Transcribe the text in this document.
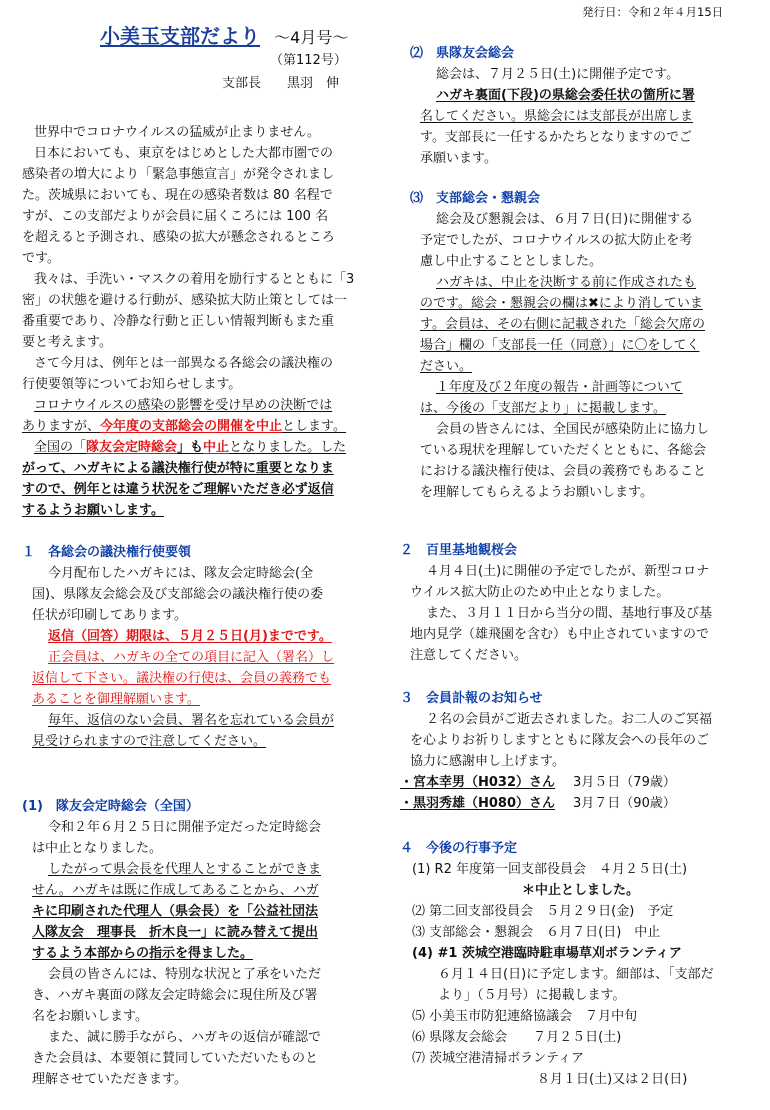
発行日：令和２年４月15日
小美玉支部だより ～4月号～
（第112号）
支部長　　黒羽　伸
世界中でコロナウイルスの猛威が止まりません。
日本においても、東京をはじめとした大都市圏での
感染者の増大により「緊急事態宣言」が発令されまし
た。茨城県においても、現在の感染者数は 80 名程で
すが、この支部だよりが会員に届くころには 100 名
を超えると予測され、感染の拡大が懸念されるところ
です。
我々は、手洗い・マスクの着用を励行するとともに「3
密」の状態を避ける行動が、感染拡大防止策としては一
番重要であり、冷静な行動と正しい情報判断もまた重
要と考えます。
さて今月は、例年とは一部異なる各総会の議決権の
行使要領等についてお知らせします。
コロナウイルスの感染の影響を受け早めの決断では
ありますが、今年度の支部総会の開催を中止とします。
全国の「隊友会定時総会」も中止となりました。した
がって、ハガキによる議決権行使が特に重要となりま
すので、例年とは違う状況をご理解いただき必ず返信
するようお願いします。
１　各総会の議決権行使要領
今月配布したハガキには、隊友会定時総会(全
国)、県隊友会総会及び支部総会の議決権行使の委
任状が印刷してあります。
返信（回答）期限は、５月２５日(月)までです。
正会員は、ハガキの全ての項目に記入（署名）し
返信して下さい。議決権の行使は、会員の義務でも
あることを御理解願います。
毎年、返信のない会員、署名を忘れている会員が
見受けられますので注意してください。
(1)　隊友会定時総会（全国）
令和２年６月２５日に開催予定だった定時総会
は中止となりました。
したがって県会長を代理人とすることができま
せん。ハガキは既に作成してあることから、ハガ
キに印刷された代理人（県会長）を「公益社団法
人隊友会　理事長　折木良一」に読み替えて提出
するよう本部からの指示を得ました。
会員の皆さんには、特別な状況と了承をいただ
き、ハガキ裏面の隊友会定時総会に現住所及び署
名をお願いします。
また、誠に勝手ながら、ハガキの返信が確認で
きた会員は、本要領に賛同していただいたものと
理解させていただきます。
⑵　県隊友会総会
総会は、７月２５日(土)に開催予定です。
ハガキ裏面(下段)の県総会委任状の箇所に署
名してください。県総会には支部長が出席しま
す。支部長に一任するかたちとなりますのでご
承願います。
⑶　支部総会・懇親会
総会及び懇親会は、６月７日(日)に開催する
予定でしたが、コロナウイルスの拡大防止を考
慮し中止することとしました。
ハガキは、中止を決断する前に作成されたも
のです。総会・懇親会の欄は✖により消していま
す。会員は、その右側に記載された「総会欠席の
場合」欄の「支部長一任（同意）」に〇をしてく
ださい。
１年度及び２年度の報告・計画等について
は、今後の「支部だより」に掲載します。
会員の皆さんには、全国民が感染防止に協力し
ている現状を理解していただくとともに、各総会
における議決権行使は、会員の義務でもあること
を理解してもらえるようお願いします。
２　百里基地観桜会
４月４日(土)に開催の予定でしたが、新型コロナ
ウイルス拡大防止のため中止となりました。
また、３月１１日から当分の間、基地行事及び基
地内見学（雄飛園を含む）も中止されていますので
注意してください。
３　会員訃報のお知らせ
２名の会員がご逝去されました。お二人のご冥福
を心よりお祈りしますとともに隊友会への長年のご
協力に感謝申し上げます。
・宮本幸男（H032）さん 3月５日（79歳）
・黒羽秀雄（H080）さん 3月７日（90歳）
４　今後の行事予定
(1) R2 年度第一回支部役員会　４月２５日(土)
＊中止としました。
⑵ 第二回支部役員会　５月２９日(金)　予定
⑶ 支部総会・懇親会　６月７日(日)　中止
(4) #1 茨城空港臨時駐車場草刈ボランティア
６月１４日(日)に予定します。細部は、「支部だ
より」（５月号）に掲載します。
⑸ 小美玉市防犯連絡協議会　７月中旬
⑹ 県隊友会総会　　７月２５日(土)
⑺ 茨城空港清掃ボランティア
８月１日(土)又は２日(日)
